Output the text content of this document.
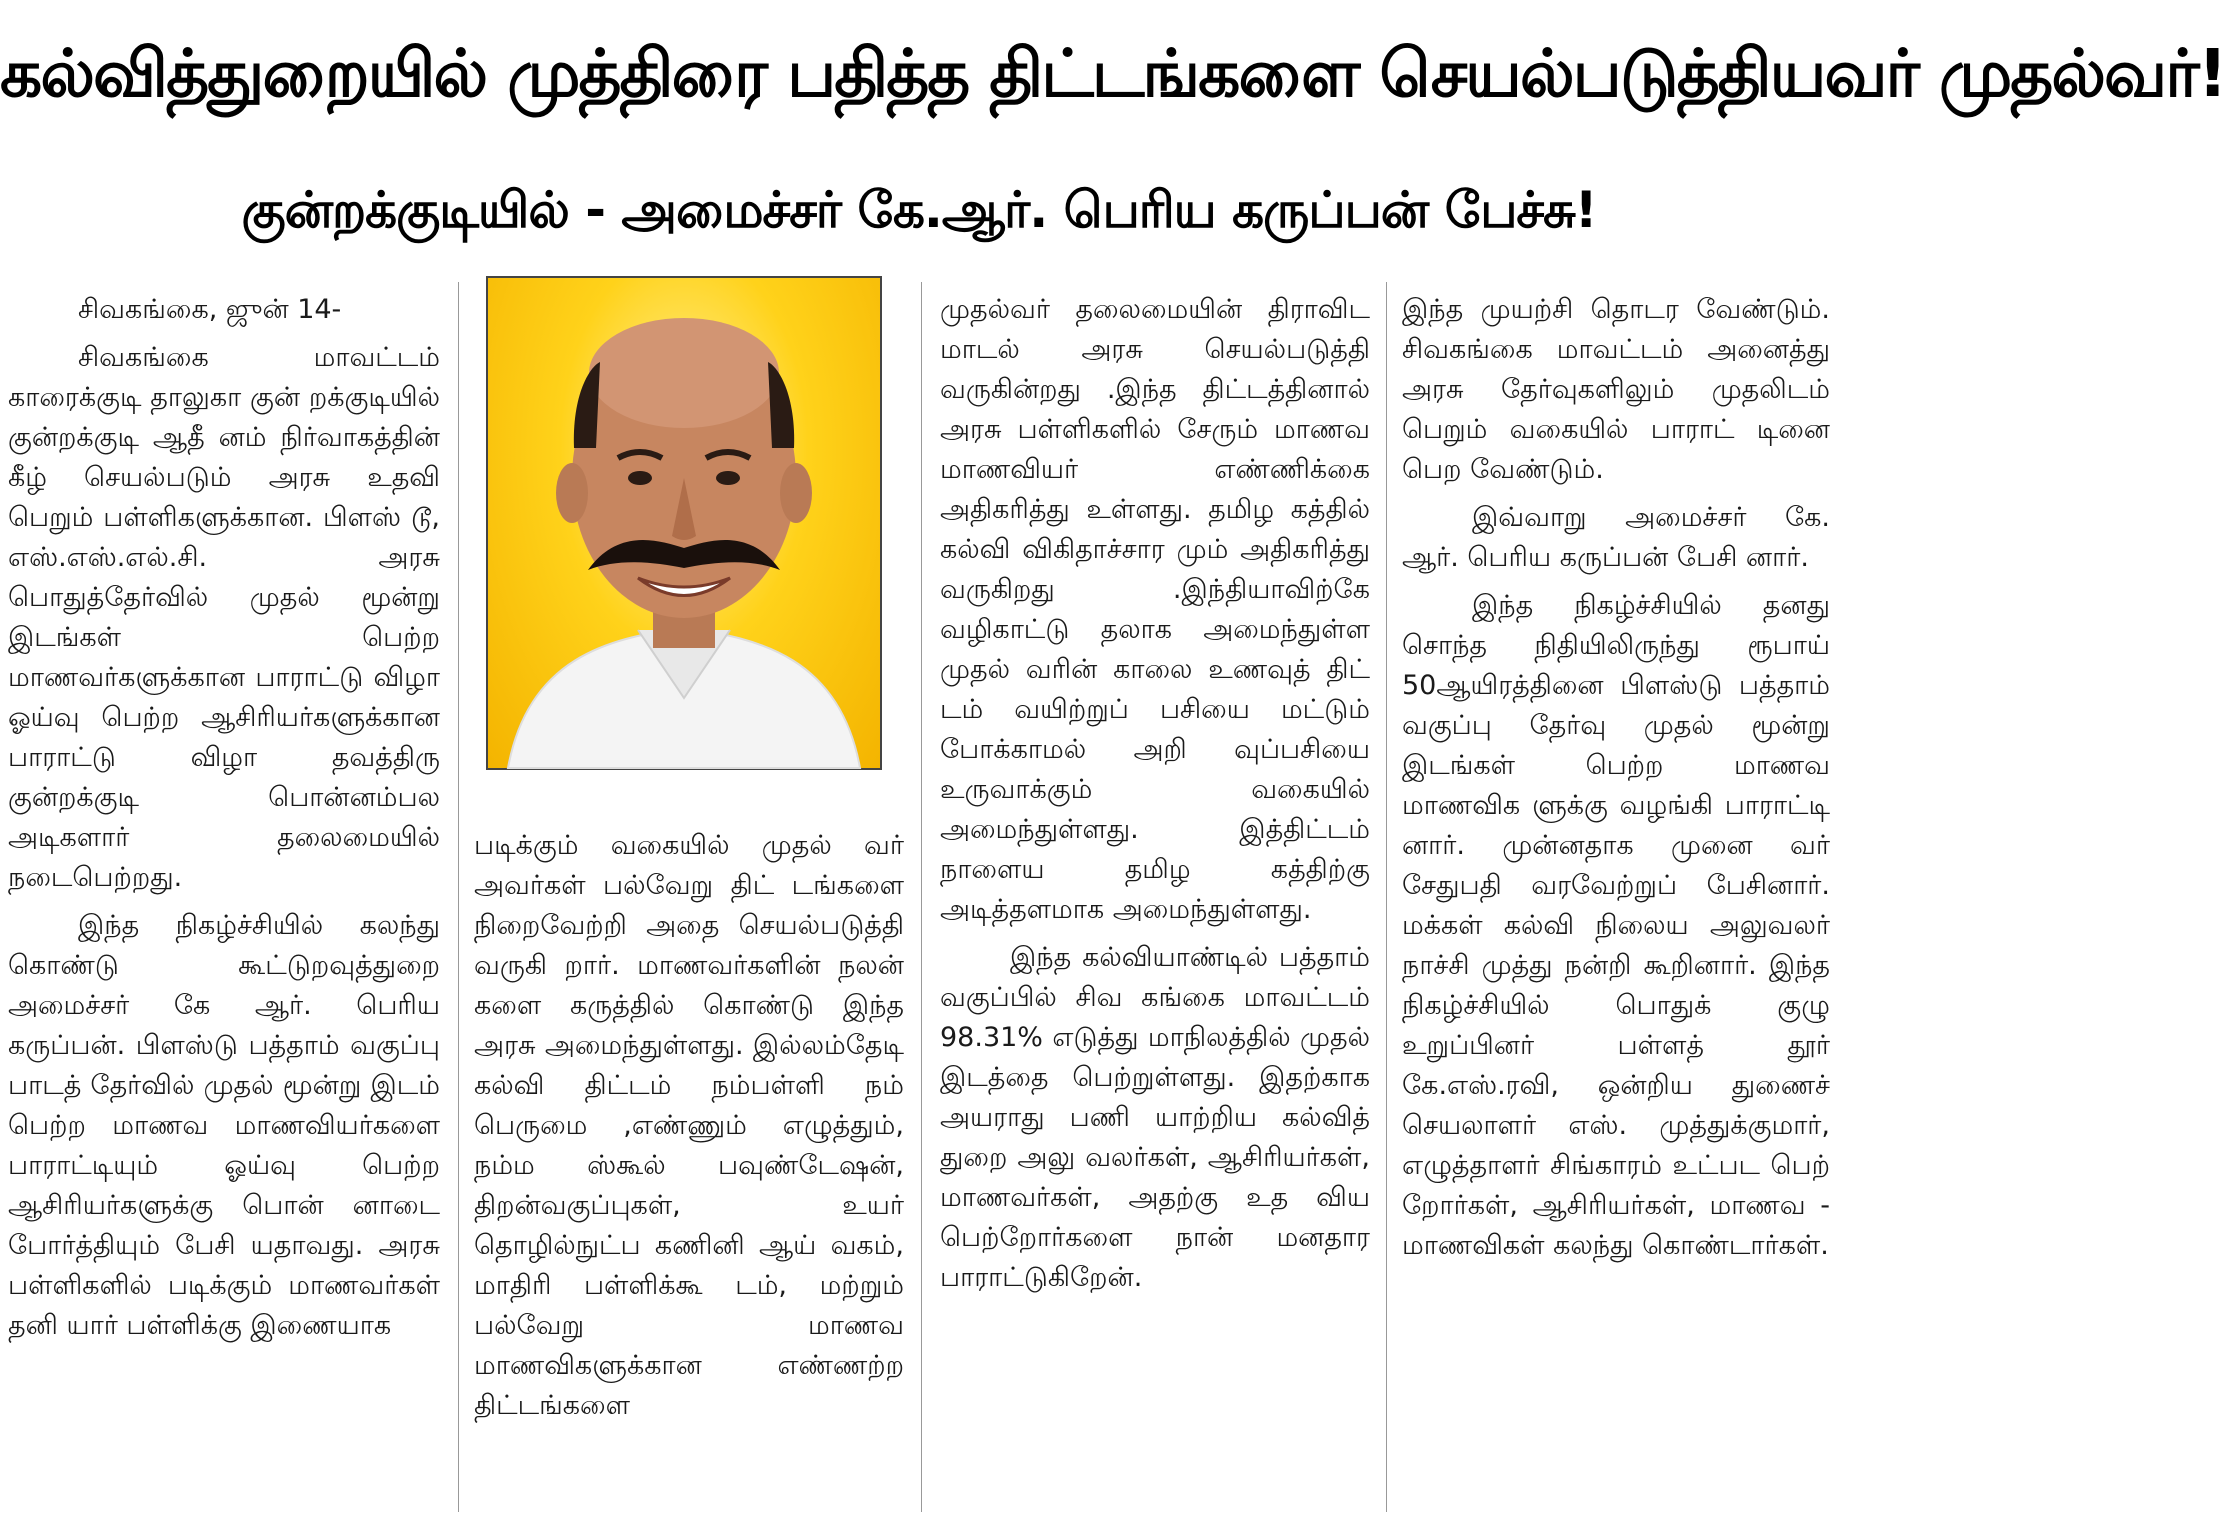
கல்வித்துறையில் முத்திரை பதித்த திட்டங்களை செயல்படுத்தியவர் முதல்வர்!
குன்றக்குடியில் - அமைச்சர் கே.ஆர். பெரிய கருப்பன் பேச்சு!

சிவகங்கை, ஜுன் 14-

சிவகங்கை மாவட்டம் காரைக்குடி தாலுகா குன் றக்குடியில் குன்றக்குடி ஆதீ னம் நிர்வாகத்தின் கீழ் செயல்படும் அரசு உதவி பெறும் பள்ளிகளுக்கான. பிளஸ் டூ, எஸ்.எஸ்.எல்.சி. அரசு பொதுத்தேர்வில் முதல் மூன்று இடங்கள் பெற்ற மாணவர்களுக்கான பாராட்டு விழா ஓய்வு பெற்ற ஆசிரியர்களுக்கான பாராட்டு விழா தவத்திரு குன்றக்குடி பொன்னம்பல அடிகளார் தலைமையில் நடைபெற்றது.

இந்த நிகழ்ச்சியில் கலந்து கொண்டு கூட்டுறவுத்துறை அமைச்சர் கே ஆர். பெரிய கருப்பன். பிளஸ்டு பத்தாம் வகுப்பு பாடத் தேர்வில் முதல் மூன்று இடம் பெற்ற மாணவ மாணவியர்களை பாராட்டியும் ஓய்வு பெற்ற ஆசிரியர்களுக்கு பொன் னாடை போர்த்தியும் பேசி யதாவது. அரசு பள்ளிகளில் படிக்கும் மாணவர்கள் தனி யார் பள்ளிக்கு இணையாக

படிக்கும் வகையில் முதல் வர் அவர்கள் பல்வேறு திட் டங்களை நிறைவேற்றி அதை செயல்படுத்தி வருகி றார். மாணவர்களின் நலன் களை கருத்தில் கொண்டு இந்த அரசு அமைந்துள்ளது. இல்லம்தேடி கல்வி திட்டம் நம்பள்ளி நம் பெருமை ,எண்ணும் எழுத்தும், நம்ம ஸ்கூல் பவுண்டேஷன், திறன்வகுப்புகள், உயர் தொழில்நுட்ப கணினி ஆய் வகம், மாதிரி பள்ளிக்கூ டம், மற்றும் பல்வேறு மாணவ மாணவிகளுக்கான எண்ணற்ற திட்டங்களை

முதல்வர் தலைமையின் திராவிட மாடல் அரசு செயல்படுத்தி வருகின்றது .இந்த திட்டத்தினால் அரசு பள்ளிகளில் சேரும் மாணவ மாணவியர் எண்ணிக்கை அதிகரித்து உள்ளது. தமிழ கத்தில் கல்வி விகிதாச்சார மும் அதிகரித்து வருகிறது .இந்தியாவிற்கே வழிகாட்டு தலாக அமைந்துள்ள முதல் வரின் காலை உணவுத் திட் டம் வயிற்றுப் பசியை மட்டும் போக்காமல் அறி வுப்பசியை உருவாக்கும் வகையில் அமைந்துள்ளது. இத்திட்டம் நாளைய தமிழ கத்திற்கு அடித்தளமாக அமைந்துள்ளது.

இந்த கல்வியாண்டில் பத்தாம் வகுப்பில் சிவ கங்கை மாவட்டம் 98.31% எடுத்து மாநிலத்தில் முதல் இடத்தை பெற்றுள்ளது. இதற்காக அயராது பணி யாற்றிய கல்வித் துறை அலு வலர்கள், ஆசிரியர்கள், மாணவர்கள், அதற்கு உத விய பெற்றோர்களை நான் மனதார பாராட்டுகிறேன்.

இந்த முயற்சி தொடர வேண்டும். சிவகங்கை மாவட்டம் அனைத்து அரசு தேர்வுகளிலும் முதலிடம் பெறும் வகையில் பாராட் டினை பெற வேண்டும்.

இவ்வாறு அமைச்சர் கே. ஆர். பெரிய கருப்பன் பேசி னார்.

இந்த நிகழ்ச்சியில் தனது சொந்த நிதியிலிருந்து ரூபாய் 50ஆயிரத்தினை பிளஸ்டு பத்தாம் வகுப்பு தேர்வு முதல் மூன்று இடங்கள் பெற்ற மாணவ மாணவிக ளுக்கு வழங்கி பாராட்டி னார். முன்னதாக முனை வர் சேதுபதி வரவேற்றுப் பேசினார். மக்கள் கல்வி நிலைய அலுவலர் நாச்சி முத்து நன்றி கூறினார். இந்த நிகழ்ச்சியில் பொதுக் குழு உறுப்பினர் பள்ளத் தூர் கே.எஸ்.ரவி, ஒன்றிய துணைச் செயலாளர் எஸ். முத்துக்குமார், எழுத்தாளர் சிங்காரம் உட்பட பெற் றோர்கள், ஆசிரியர்கள், மாணவ - மாணவிகள் கலந்து கொண்டார்கள்.
